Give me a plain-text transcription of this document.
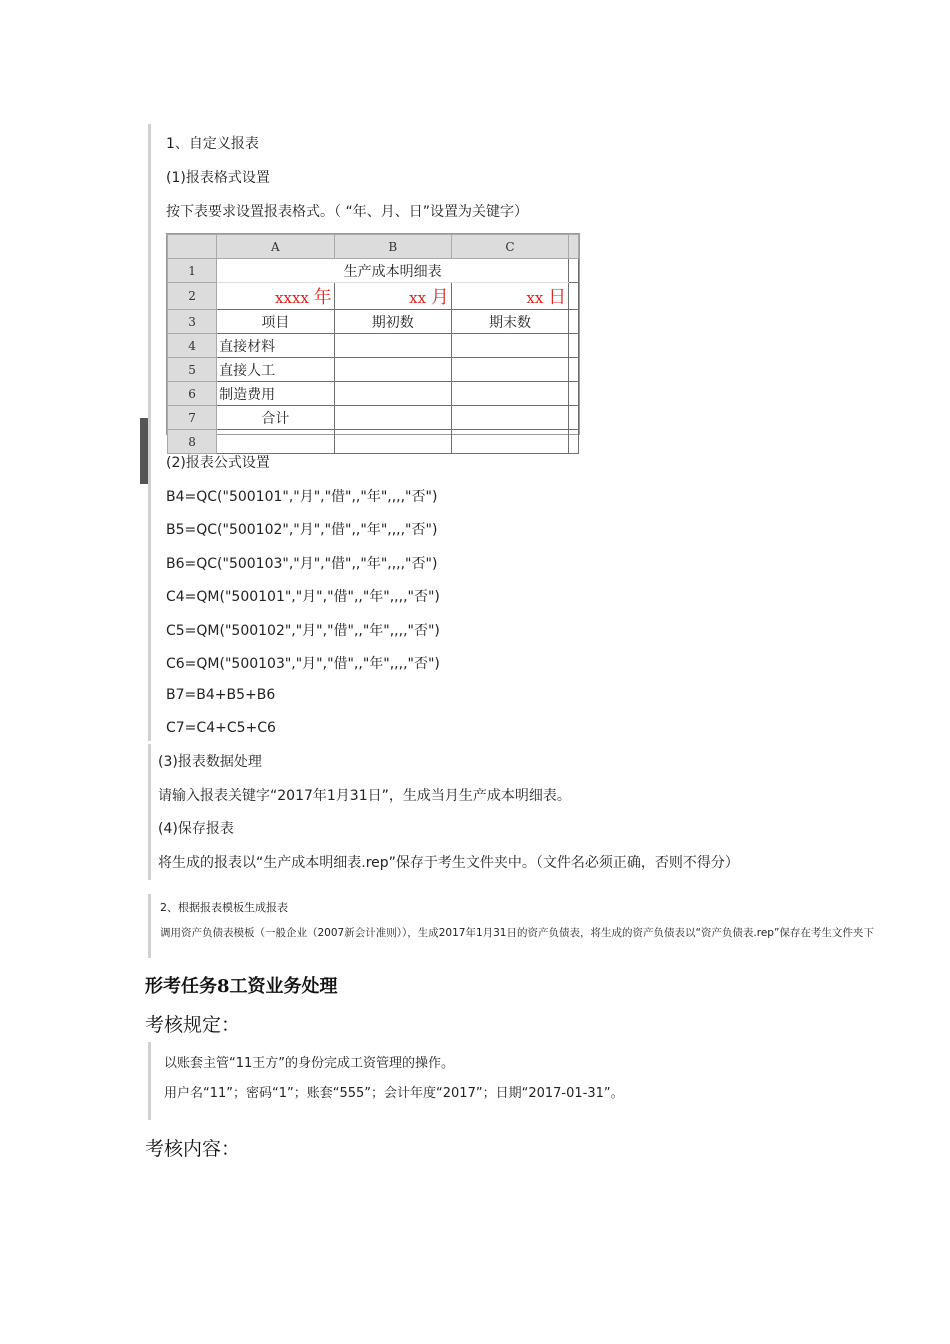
1、自定义报表
(1)报表格式设置
按下表要求设置报表格式。（ “年、月、日”设置为关键字）
	A	B	C	
1	生产成本明细表			
2	xxxx 年	xx 月	xx 日	
3	项目	期初数	期末数	
4	直接材料			
5	直接人工			
6	制造费用			
7	合计			
8				
(2)报表公式设置
B4=QC("500101","月","借",,"年",,,,"否")
B5=QC("500102","月","借",,"年",,,,"否")
B6=QC("500103","月","借",,"年",,,,"否")
C4=QM("500101","月","借",,"年",,,,"否")
C5=QM("500102","月","借",,"年",,,,"否")
C6=QM("500103","月","借",,"年",,,,"否")
B7=B4+B5+B6
C7=C4+C5+C6
(3)报表数据处理
请输入报表关键字“2017年1月31日”，生成当月生产成本明细表。
(4)保存报表
将生成的报表以“生产成本明细表.rep”保存于考生文件夹中。（文件名必须正确，否则不得分）
2、根据报表模板生成报表
调用资产负债表模板（一般企业（2007新会计准则）），生成2017年1月31日的资产负债表，将生成的资产负债表以“资产负债表.rep”保存在考生文件夹下
形考任务8工资业务处理
考核规定：
以账套主管“11王方”的身份完成工资管理的操作。
用户名“11”；密码“1”；账套“555”；会计年度“2017”；日期“2017-01-31”。
考核内容：
